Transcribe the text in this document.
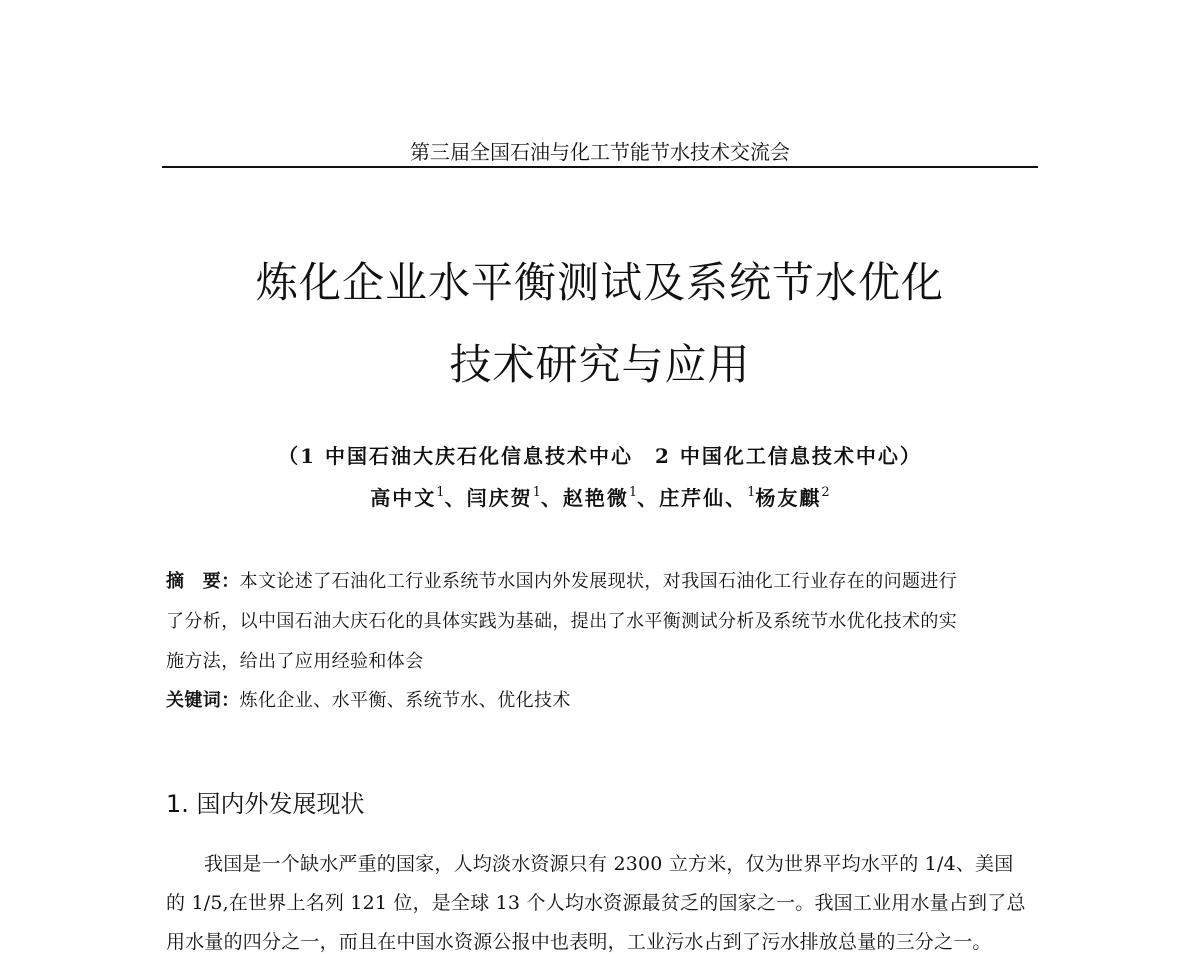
第三届全国石油与化工节能节水技术交流会
炼化企业水平衡测试及系统节水优化
技术研究与应用
（1 中国石油大庆石化信息技术中心　2 中国化工信息技术中心）
高中文$^1$、闫庆贺$^1$、赵艳微$^1$、庄芹仙、$^1$杨友麒$^2$
摘　要：本文论述了石油化工行业系统节水国内外发展现状，对我国石油化工行业存在的问题进行
了分析，以中国石油大庆石化的具体实践为基础，提出了水平衡测试分析及系统节水优化技术的实
施方法，给出了应用经验和体会
关键词：炼化企业、水平衡、系统节水、优化技术
1. 国内外发展现状
我国是一个缺水严重的国家，人均淡水资源只有 2300 立方米，仅为世界平均水平的 1/4、美国
的 1/5,在世界上名列 121 位，是全球 13 个人均水资源最贫乏的国家之一。我国工业用水量占到了总
用水量的四分之一，而且在中国水资源公报中也表明，工业污水占到了污水排放总量的三分之一。
